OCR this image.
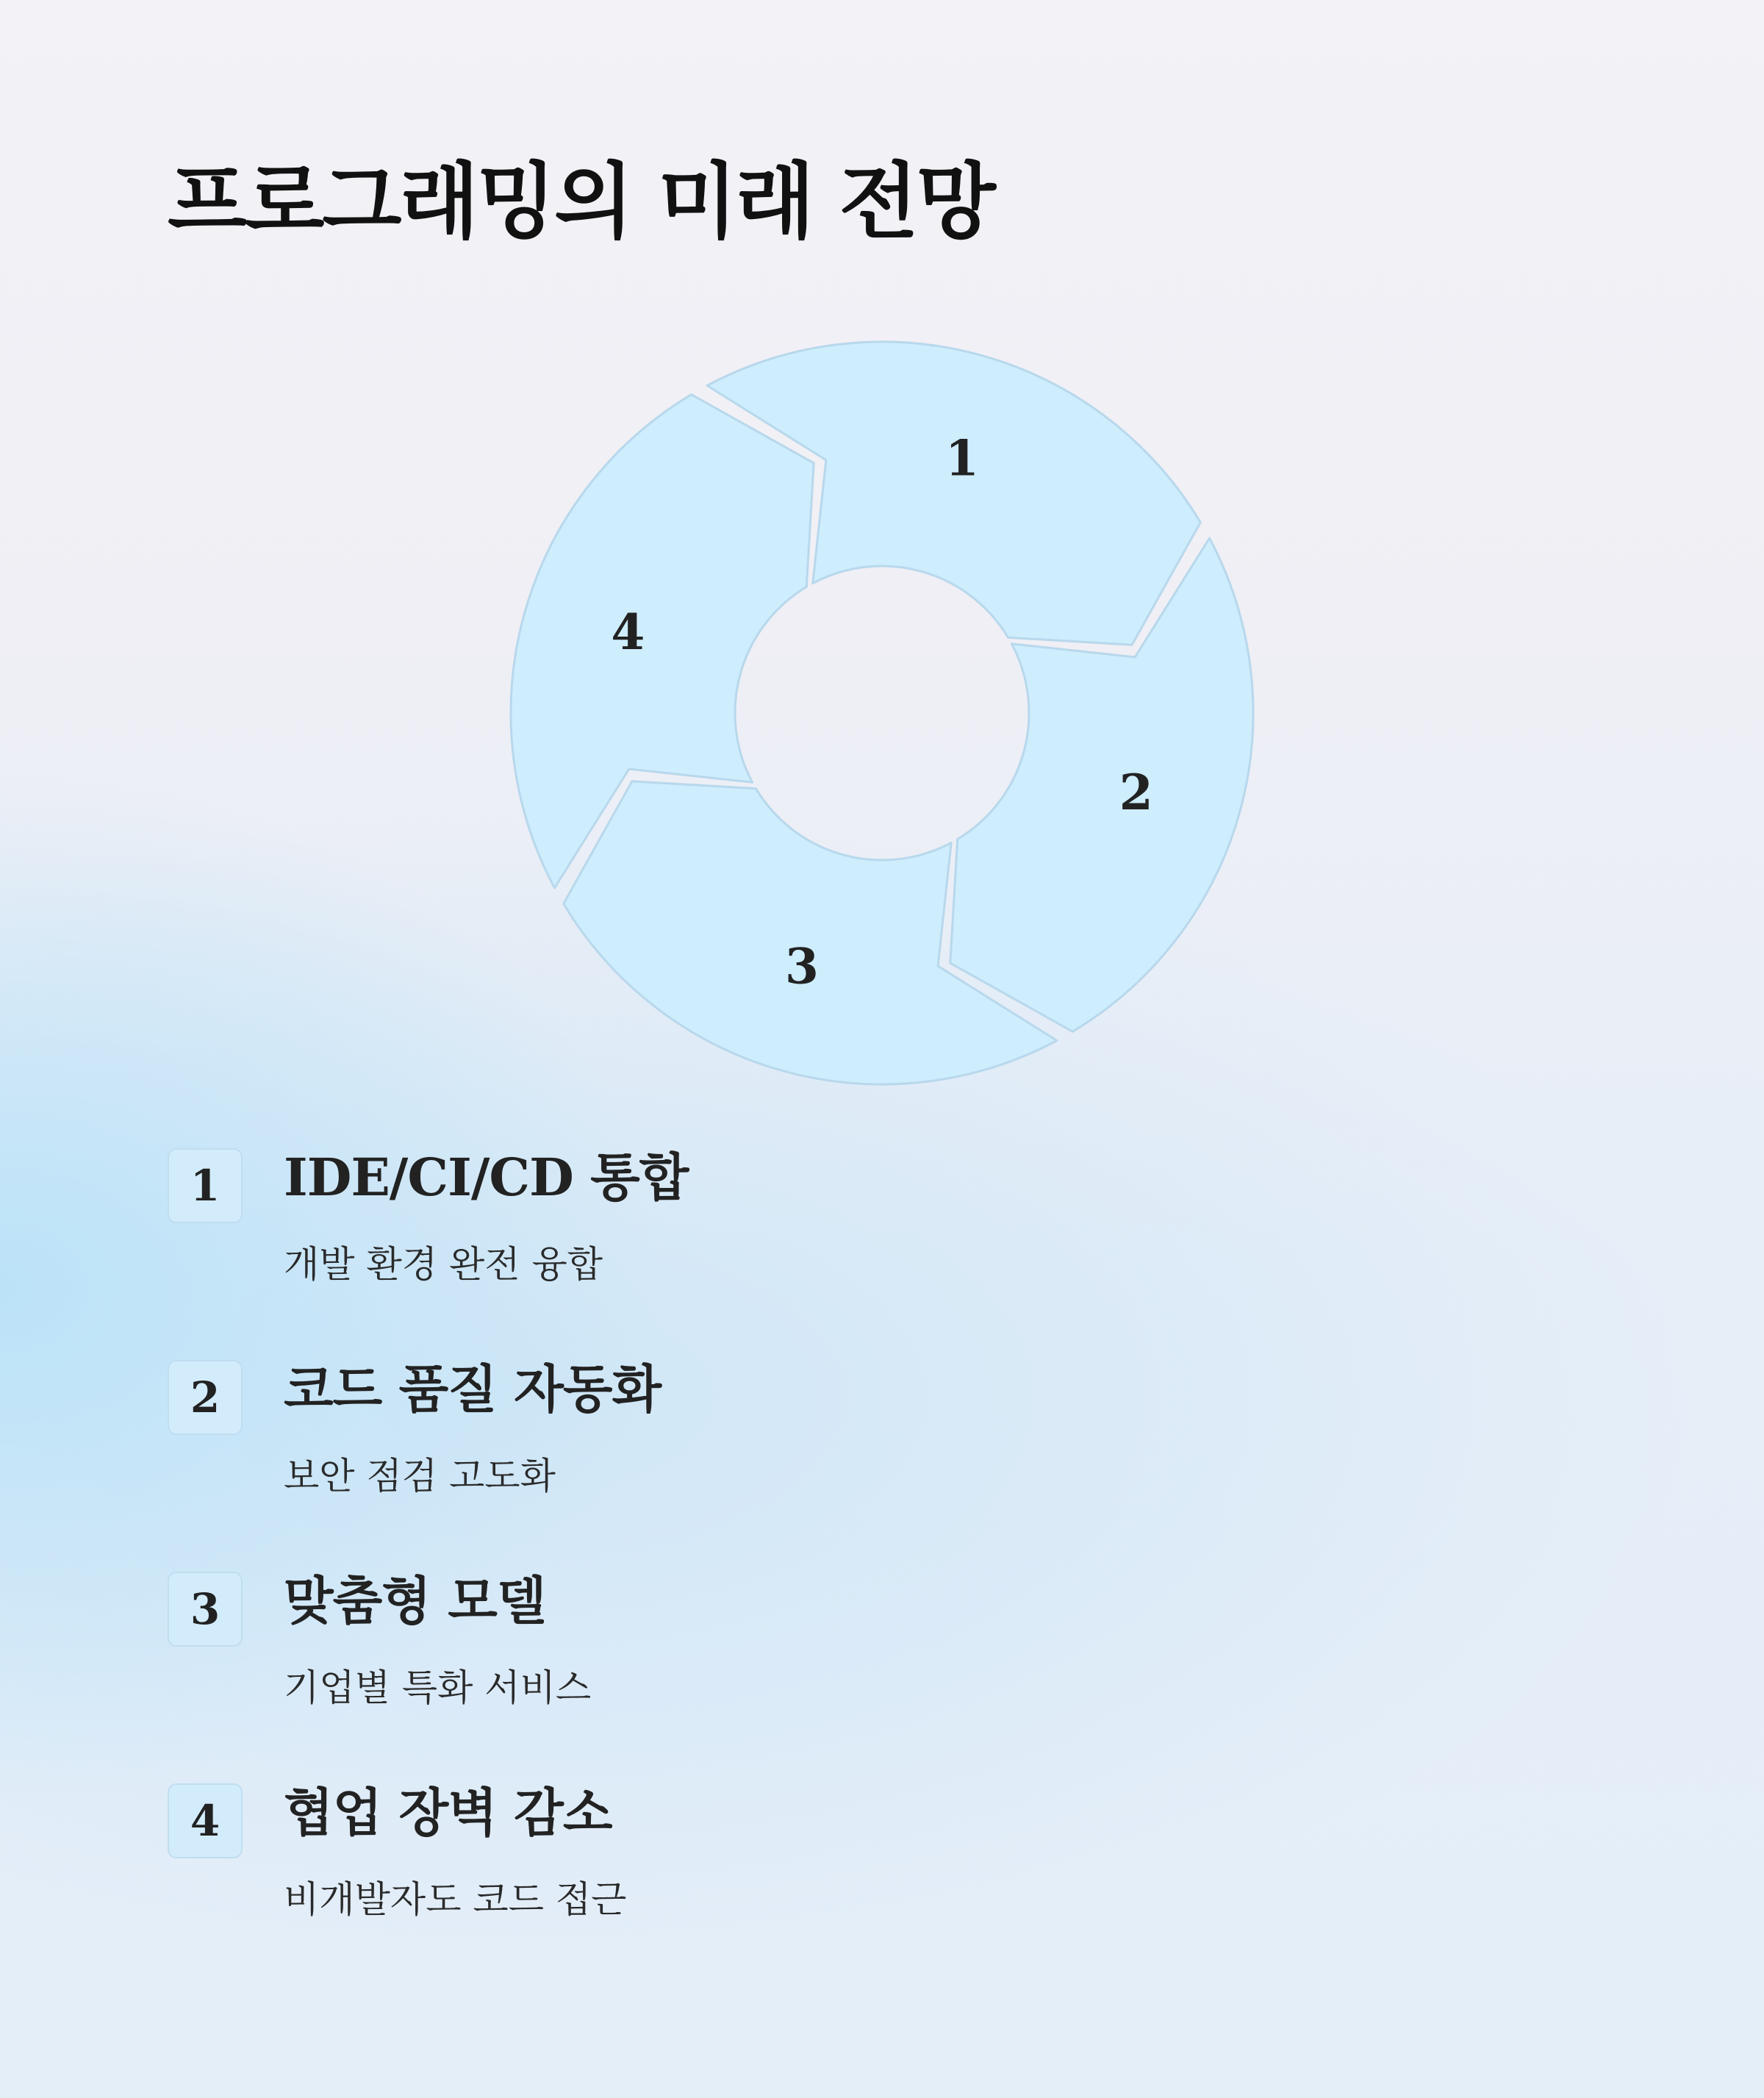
프로그래밍의 미래 전망
1
2
3
4
1	IDE/CI/CD 통합
개발 환경 완전 융합
2	코드 품질 자동화
보안 점검 고도화
3	맞춤형 모델
기업별 특화 서비스
4	협업 장벽 감소
비개발자도 코드 접근
